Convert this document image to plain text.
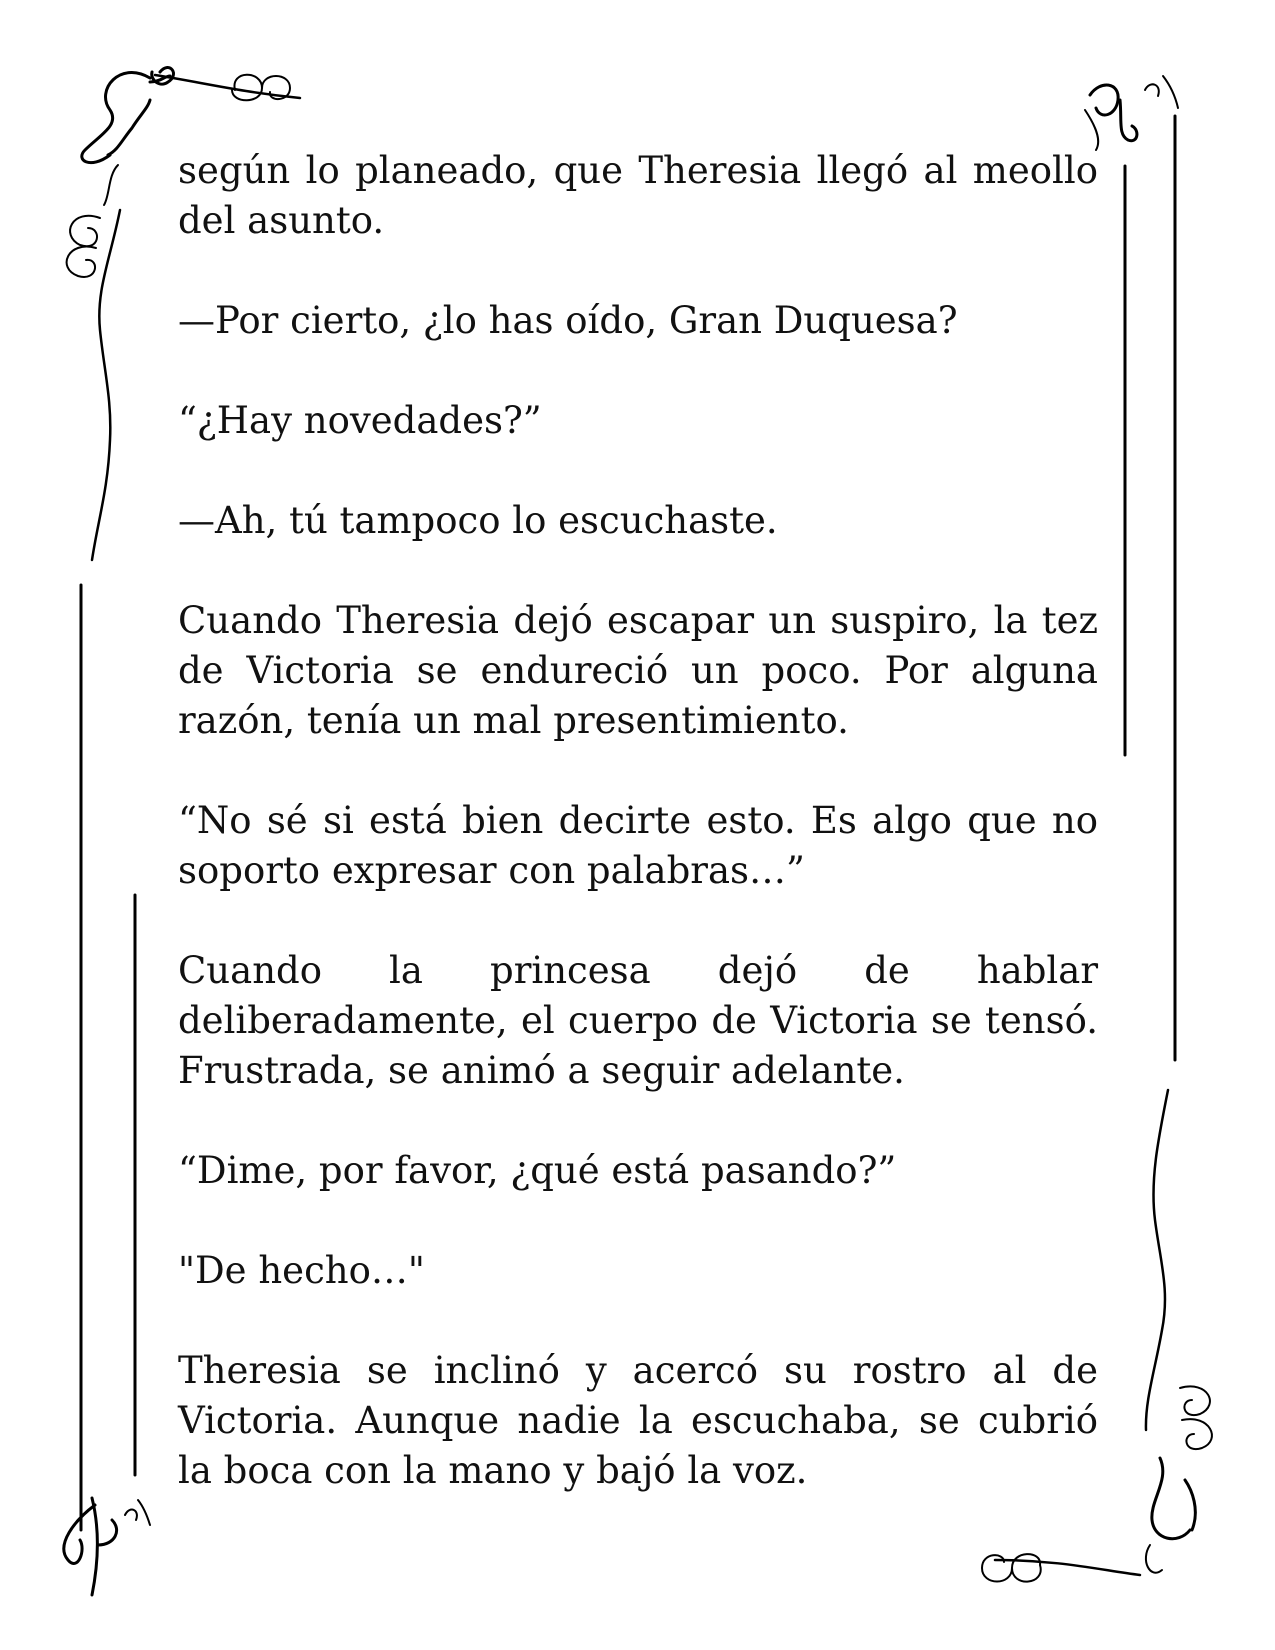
según lo planeado, que Theresia llegó al meollo del asunto.

—Por cierto, ¿lo has oído, Gran Duquesa?

“¿Hay novedades?”

—Ah, tú tampoco lo escuchaste.

Cuando Theresia dejó escapar un suspiro, la tez de Victoria se endureció un poco. Por alguna razón, tenía un mal presentimiento.

“No sé si está bien decirte esto. Es algo que no soporto expresar con palabras…”

Cuando la princesa dejó de hablar deliberadamente, el cuerpo de Victoria se tensó. Frustrada, se animó a seguir adelante.

“Dime, por favor, ¿qué está pasando?”

"De hecho…"

Theresia se inclinó y acercó su rostro al de Victoria. Aunque nadie la escuchaba, se cubrió la boca con la mano y bajó la voz.
